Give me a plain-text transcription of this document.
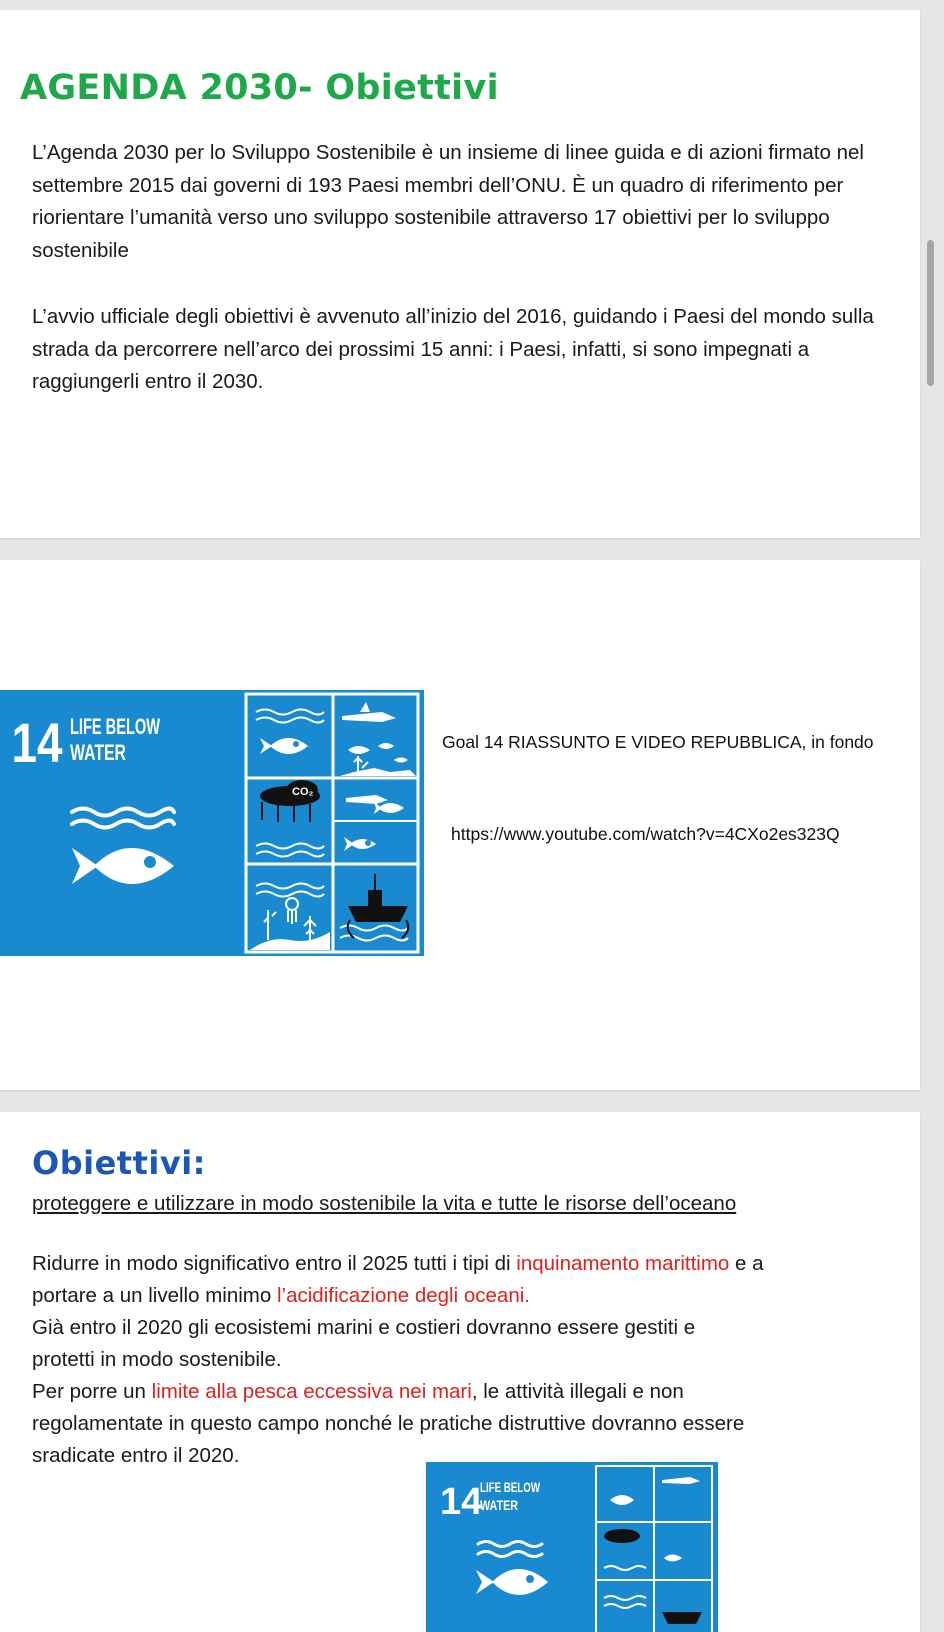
AGENDA 2030- Obiettivi

L’Agenda 2030 per lo Sviluppo Sostenibile è un insieme di linee guida e di azioni firmato nel settembre 2015 dai governi di 193 Paesi membri dell’ONU. È un quadro di riferimento per riorientare l’umanità verso uno sviluppo sostenibile attraverso 17 obiettivi per lo sviluppo sostenibile

L’avvio ufficiale degli obiettivi è avvenuto all’inizio del 2016, guidando i Paesi del mondo sulla strada da percorrere nell’arco dei prossimi 15 anni: i Paesi, infatti, si sono impegnati a raggiungerli entro il 2030.

14 LIFE BELOW
WATER
CO₂

Goal 14 RIASSUNTO E VIDEO REPUBBLICA, in fondo

https://www.youtube.com/watch?v=4CXo2es323Q

Obiettivi:

proteggere e utilizzare in modo sostenibile la vita e tutte le risorse dell’oceano

Ridurre in modo significativo entro il 2025 tutti i tipi di inquinamento marittimo e a

portare a un livello minimo l’acidificazione degli oceani.

Già entro il 2020 gli ecosistemi marini e costieri dovranno essere gestiti e

protetti in modo sostenibile.

Per porre un limite alla pesca eccessiva nei mari, le attività illegali e non

regolamentate in questo campo nonché le pratiche distruttive dovranno essere

sradicate entro il 2020.

14
LIFE BELOW
WATER
